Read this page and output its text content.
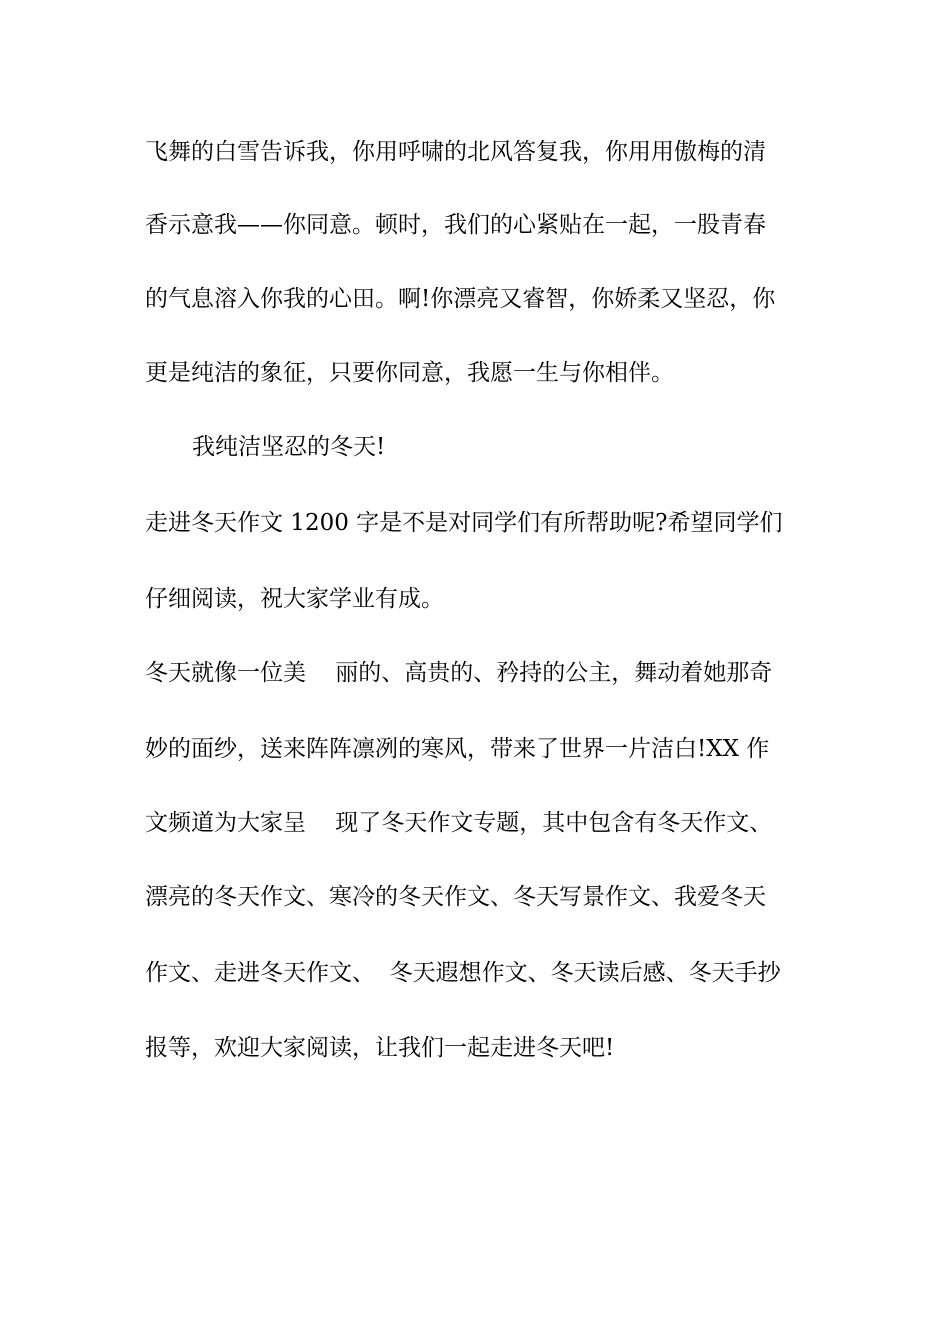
飞舞的白雪告诉我，你用呼啸的北风答复我，你用用傲梅的清
香示意我——你同意。顿时，我们的心紧贴在一起，一股青春
的气息溶入你我的心田。啊!你漂亮又睿智，你娇柔又坚忍，你
更是纯洁的象征，只要你同意，我愿一生与你相伴。
我纯洁坚忍的冬天!
走进冬天作文 1200 字是不是对同学们有所帮助呢?希望同学们
仔细阅读，祝大家学业有成。
冬天就像一位美    丽的、高贵的、矜持的公主，舞动着她那奇
妙的面纱，送来阵阵凛冽的寒风，带来了世界一片洁白!XX 作
文频道为大家呈    现了冬天作文专题，其中包含有冬天作文、
漂亮的冬天作文、寒冷的冬天作文、冬天写景作文、我爱冬天
作文、走进冬天作文、  冬天遐想作文、冬天读后感、冬天手抄
报等，欢迎大家阅读，让我们一起走进冬天吧!
